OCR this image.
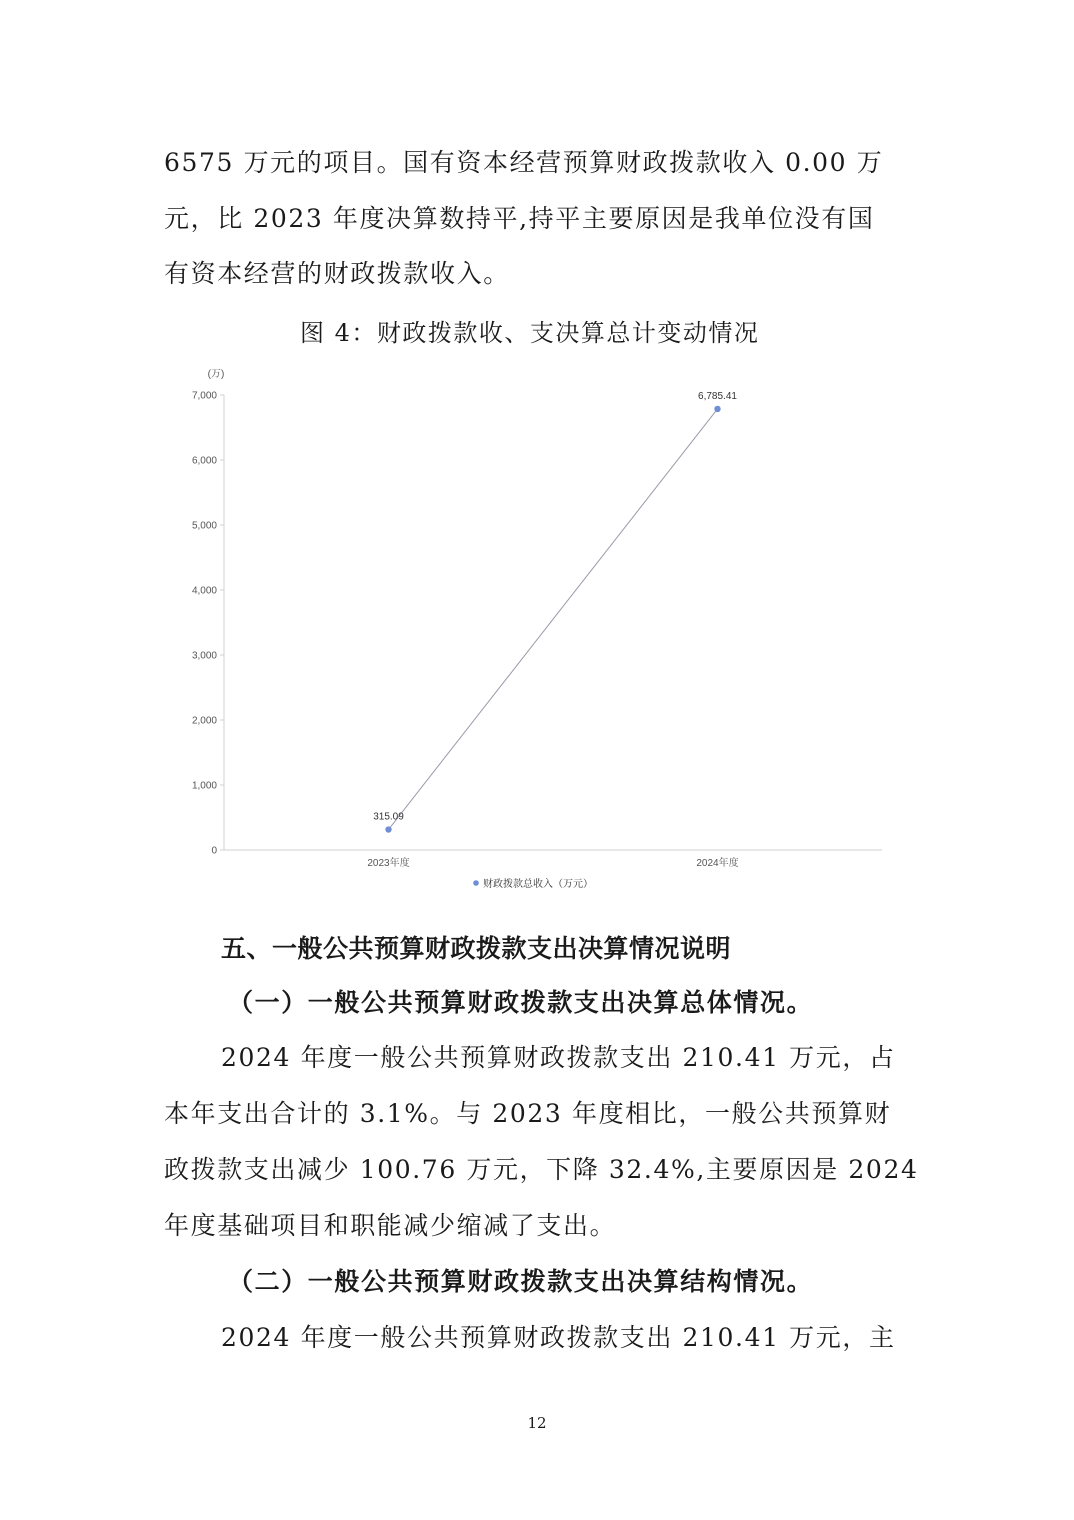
6575 万元的项目。国有资本经营预算财政拨款收入 0.00 万
元，比 2023 年度决算数持平,持平主要原因是我单位没有国
有资本经营的财政拨款收入。
图 4：财政拨款收、支决算总计变动情况
(万)
0
1,000
2,000
3,000
4,000
5,000
6,000
7,000
2023年度	2024年度
315.09
6,785.41
财政拨款总收入（万元）
五、一般公共预算财政拨款支出决算情况说明
（一）一般公共预算财政拨款支出决算总体情况。
2024 年度一般公共预算财政拨款支出 210.41 万元，占
本年支出合计的 3.1%。与 2023 年度相比，一般公共预算财
政拨款支出减少 100.76 万元，下降 32.4%,主要原因是 2024
年度基础项目和职能减少缩减了支出。
（二）一般公共预算财政拨款支出决算结构情况。
2024 年度一般公共预算财政拨款支出 210.41 万元，主
12
